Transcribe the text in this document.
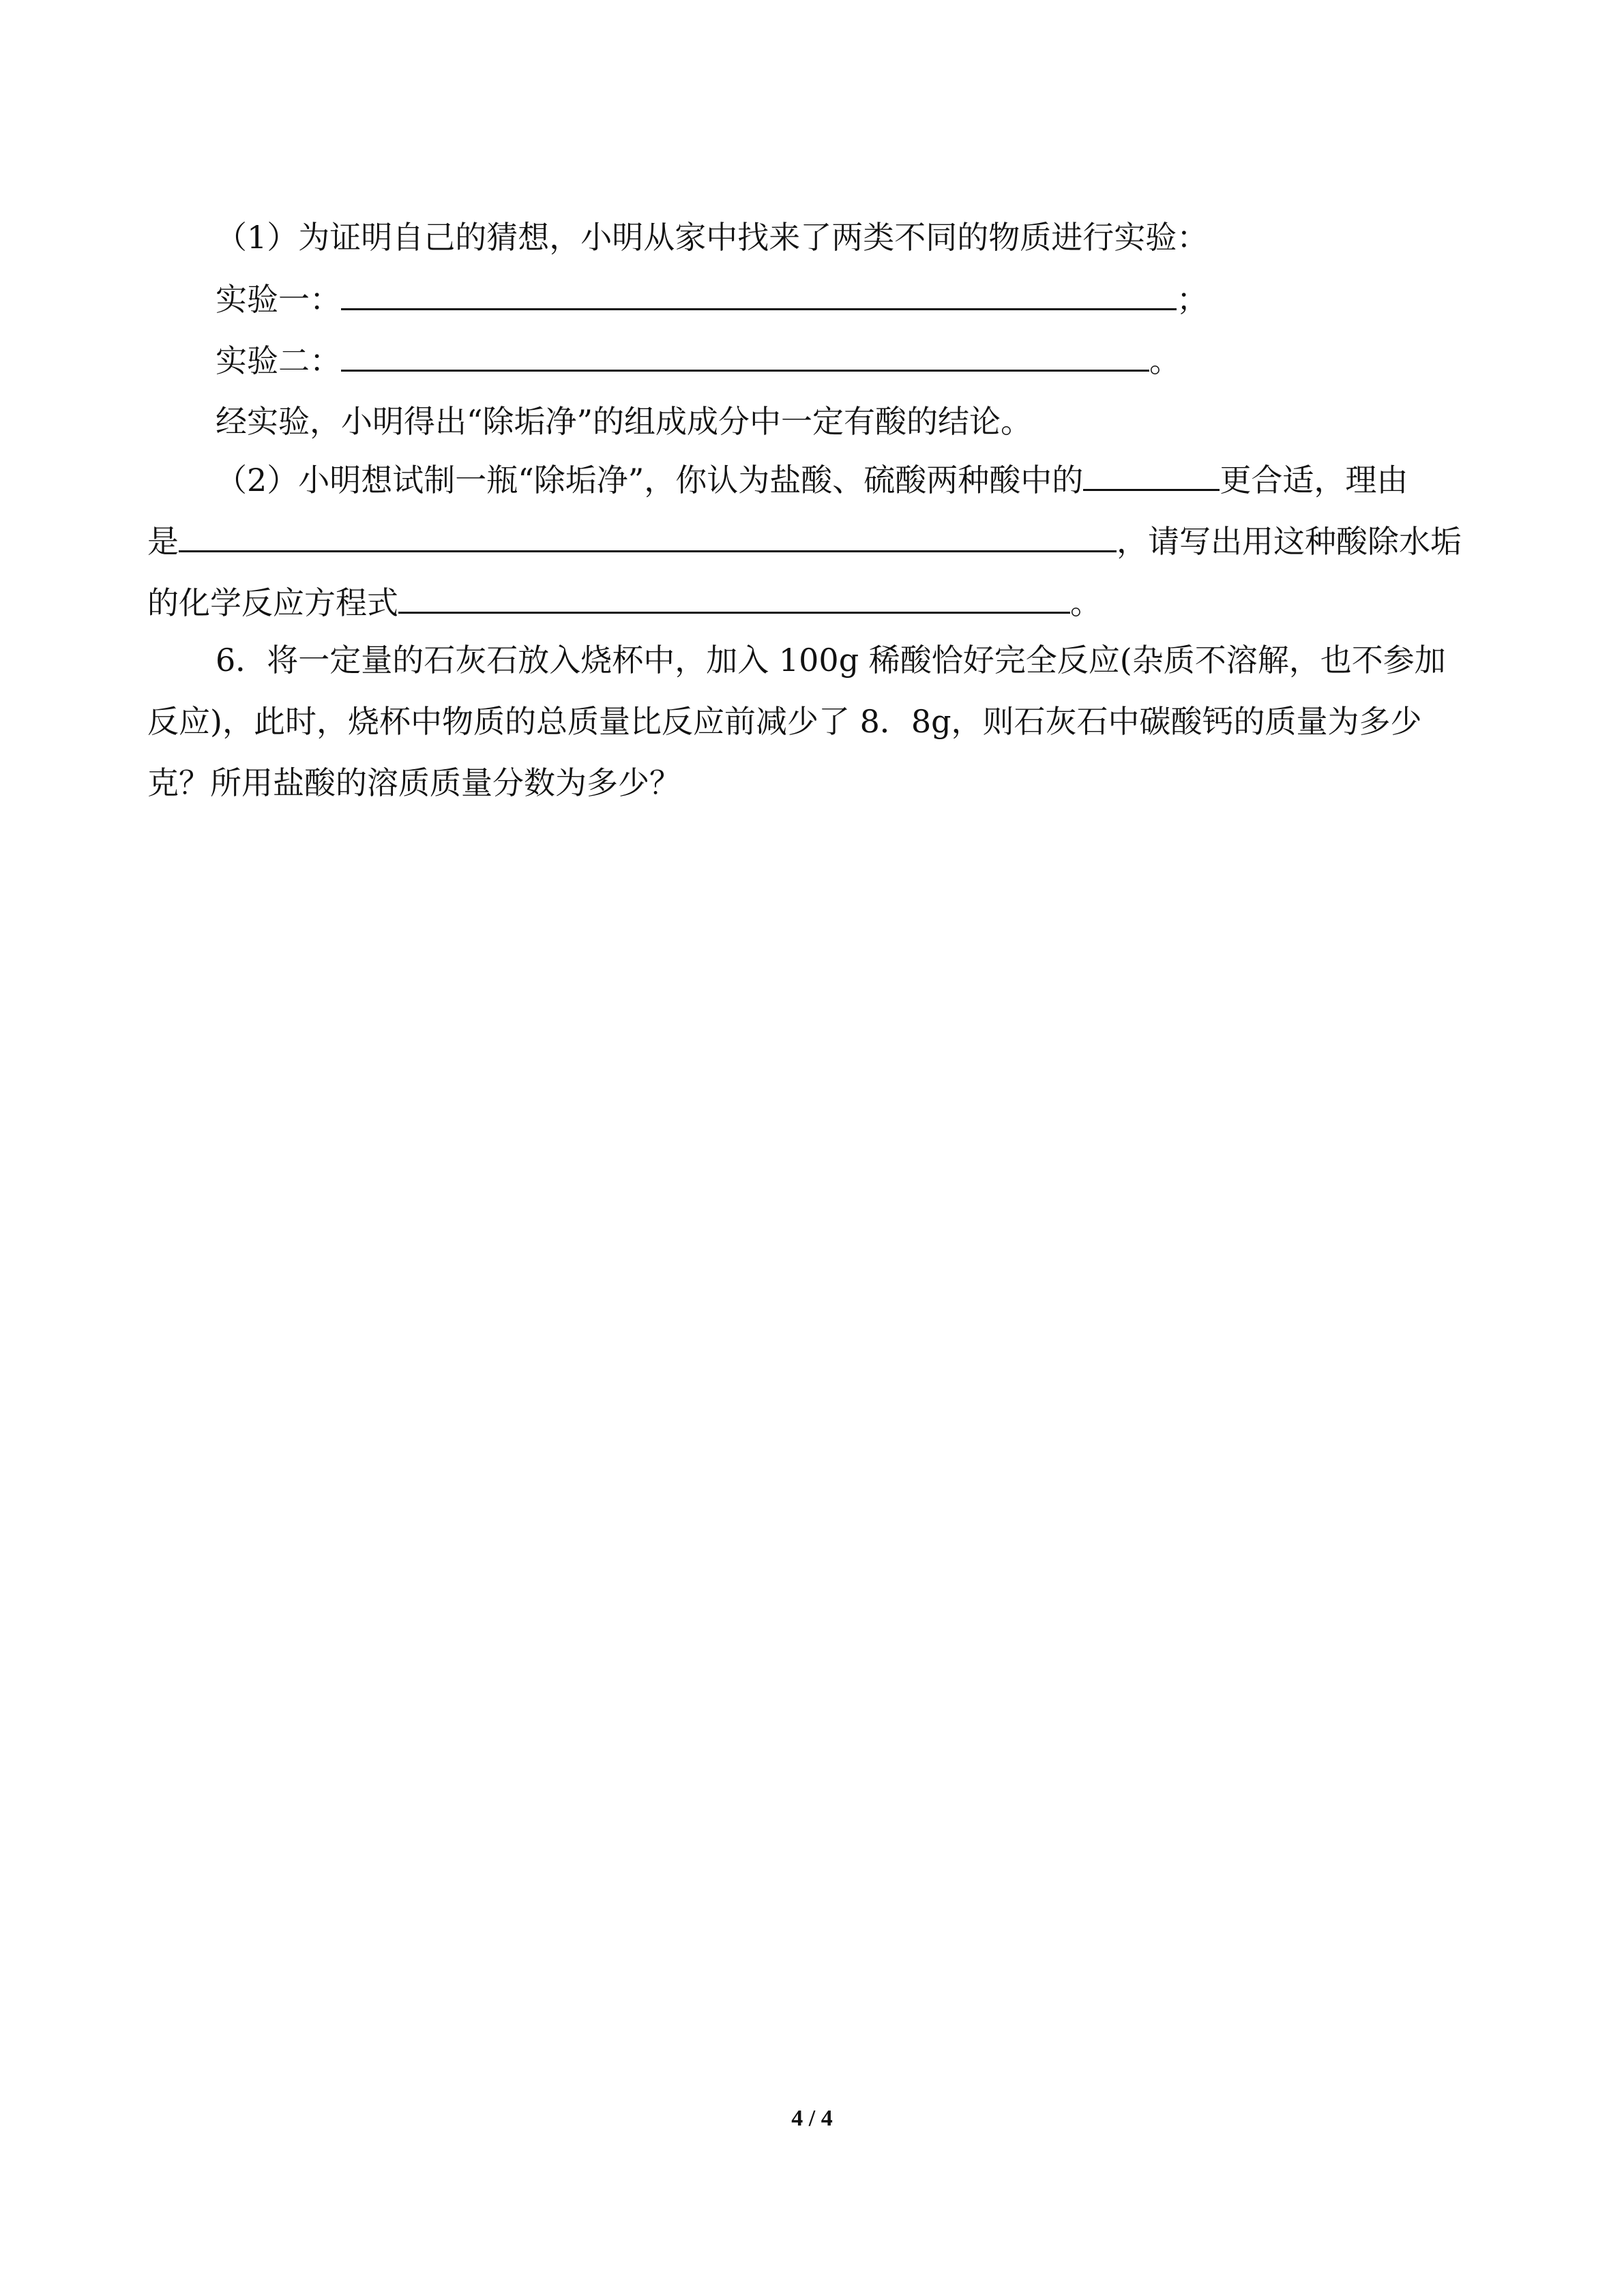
（1）为证明自己的猜想，小明从家中找来了两类不同的物质进行实验：
实验一：	；
实验二：	。
经实验，小明得出“除垢净”的组成成分中一定有酸的结论。
（2）小明想试制一瓶“除垢净”，你认为盐酸、硫酸两种酸中的	更合适，理由
是	，请写出用这种酸除水垢
的化学反应方程式	。
6．将一定量的石灰石放入烧杯中，加入 100g 稀酸恰好完全反应(杂质不溶解，也不参加
反应)，此时，烧杯中物质的总质量比反应前减少了 8．8g，则石灰石中碳酸钙的质量为多少
克？所用盐酸的溶质质量分数为多少？
4 / 4
